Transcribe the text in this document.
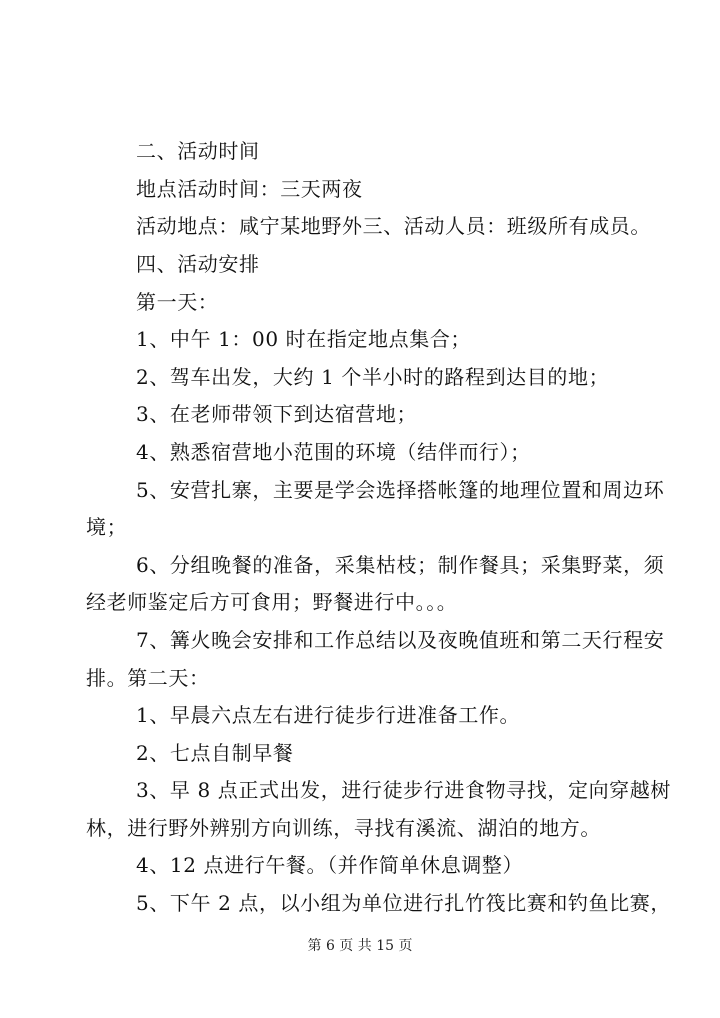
二、活动时间
地点活动时间：三天两夜
活动地点：咸宁某地野外三、活动人员：班级所有成员。
四、活动安排
第一天：
1、中午 1：00 时在指定地点集合；
2、驾车出发，大约 1 个半小时的路程到达目的地；
3、在老师带领下到达宿营地；
4、熟悉宿营地小范围的环境（结伴而行）；
5、安营扎寨，主要是学会选择搭帐篷的地理位置和周边环
境；
6、分组晚餐的准备，采集枯枝；制作餐具；采集野菜，须
经老师鉴定后方可食用；野餐进行中。。。
7、篝火晚会安排和工作总结以及夜晚值班和第二天行程安
排。第二天：
1、早晨六点左右进行徒步行进准备工作。
2、七点自制早餐
3、早 8 点正式出发，进行徒步行进食物寻找，定向穿越树
林，进行野外辨别方向训练，寻找有溪流、湖泊的地方。
4、12 点进行午餐。（并作简单休息调整）
5、下午 2 点，以小组为单位进行扎竹筏比赛和钓鱼比赛，
第 6 页 共 15 页
